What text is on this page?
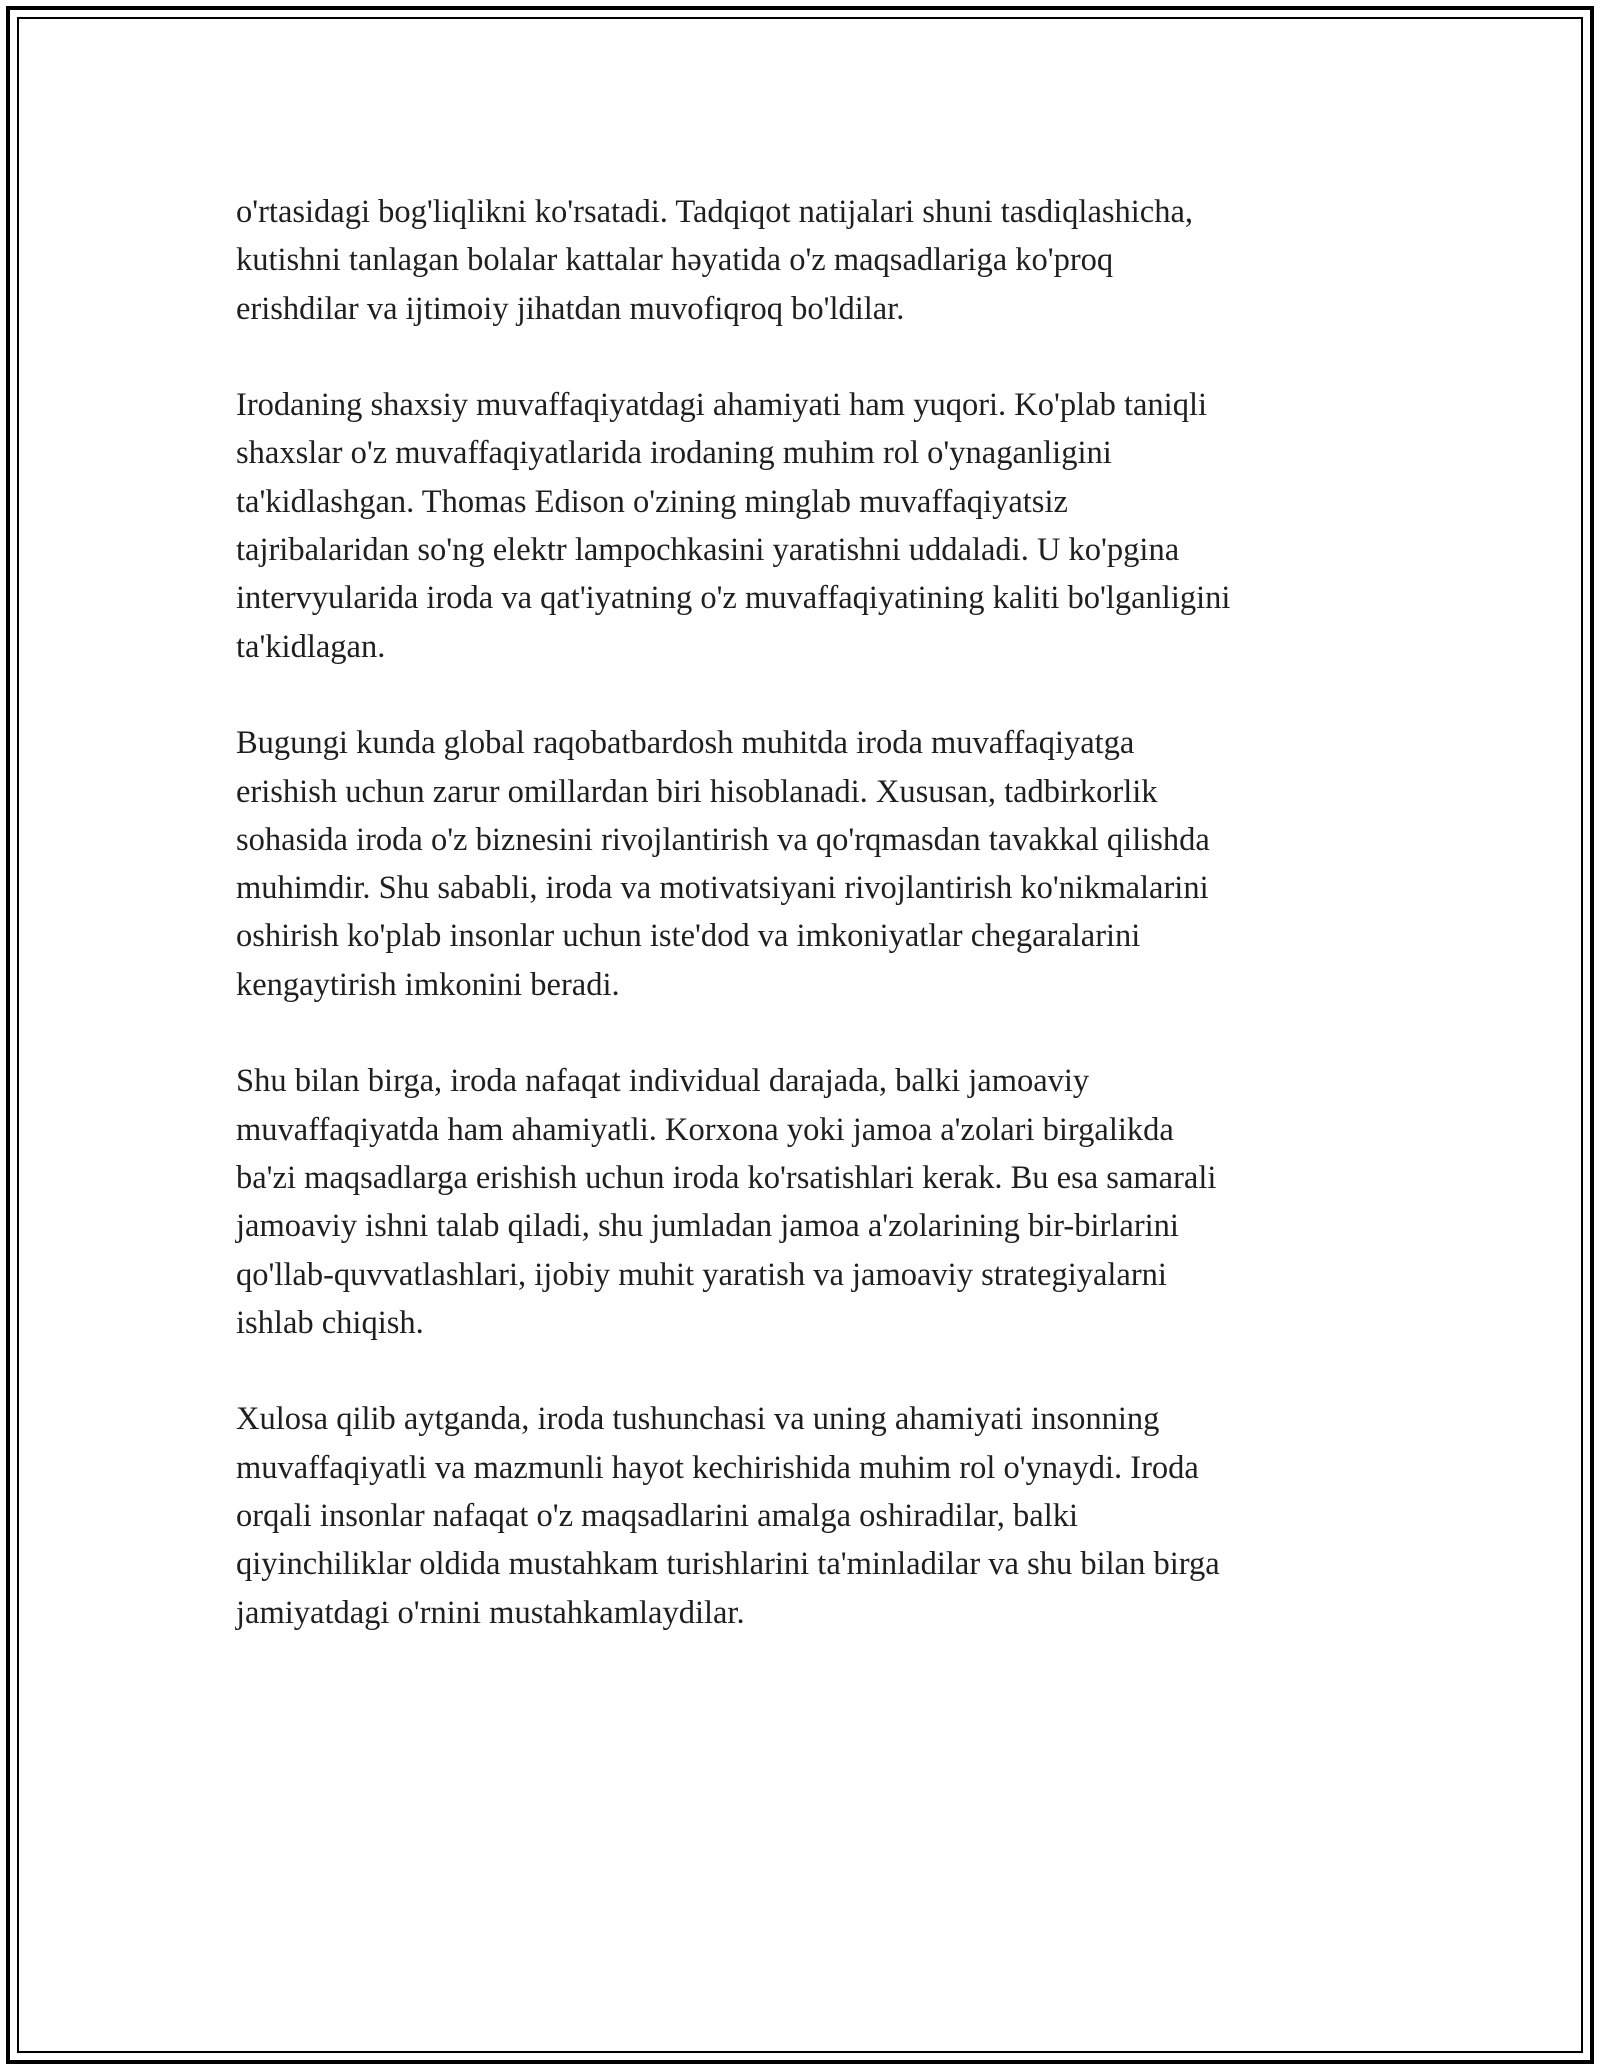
o'rtasidagi bog'liqlikni ko'rsatadi. Tadqiqot natijalari shuni tasdiqlashicha,
kutishni tanlagan bolalar kattalar həyatida o'z maqsadlariga ko'proq
erishdilar va ijtimoiy jihatdan muvofiqroq bo'ldilar.

Irodaning shaxsiy muvaffaqiyatdagi ahamiyati ham yuqori. Ko'plab taniqli
shaxslar o'z muvaffaqiyatlarida irodaning muhim rol o'ynaganligini
ta'kidlashgan. Thomas Edison o'zining minglab muvaffaqiyatsiz
tajribalaridan so'ng elektr lampochkasini yaratishni uddaladi. U ko'pgina
intervyularida iroda va qat'iyatning o'z muvaffaqiyatining kaliti bo'lganligini
ta'kidlagan.

Bugungi kunda global raqobatbardosh muhitda iroda muvaffaqiyatga
erishish uchun zarur omillardan biri hisoblanadi. Xususan, tadbirkorlik
sohasida iroda o'z biznesini rivojlantirish va qo'rqmasdan tavakkal qilishda
muhimdir. Shu sababli, iroda va motivatsiyani rivojlantirish ko'nikmalarini
oshirish ko'plab insonlar uchun iste'dod va imkoniyatlar chegaralarini
kengaytirish imkonini beradi.

Shu bilan birga, iroda nafaqat individual darajada, balki jamoaviy
muvaffaqiyatda ham ahamiyatli. Korxona yoki jamoa a'zolari birgalikda
ba'zi maqsadlarga erishish uchun iroda ko'rsatishlari kerak. Bu esa samarali
jamoaviy ishni talab qiladi, shu jumladan jamoa a'zolarining bir-birlarini
qo'llab-quvvatlashlari, ijobiy muhit yaratish va jamoaviy strategiyalarni
ishlab chiqish.

Xulosa qilib aytganda, iroda tushunchasi va uning ahamiyati insonning
muvaffaqiyatli va mazmunli hayot kechirishida muhim rol o'ynaydi. Iroda
orqali insonlar nafaqat o'z maqsadlarini amalga oshiradilar, balki
qiyinchiliklar oldida mustahkam turishlarini ta'minladilar va shu bilan birga
jamiyatdagi o'rnini mustahkamlaydilar.
